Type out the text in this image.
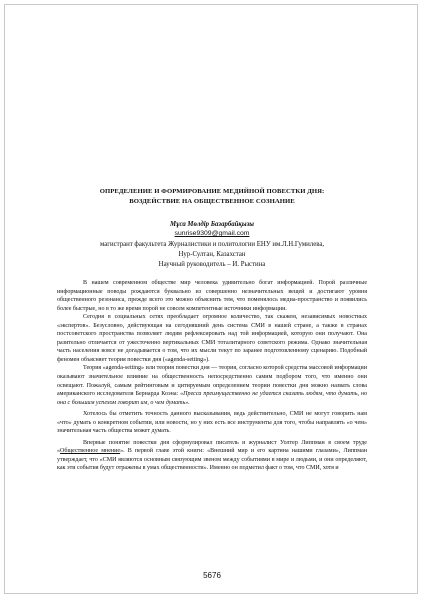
ОПРЕДЕЛЕНИЕ И ФОРМИРОВАНИЕ МЕДИЙНОЙ ПОВЕСТКИ ДНЯ:
ВОЗДЕЙСТВИЕ НА ОБЩЕСТВЕННОЕ СОЗНАНИЕ
Мұса Мөлдір Базарбайқызы
sunrise9309@gmail.com
магистрант факультета Журналистики и политологии ЕНУ им.Л.Н.Гумилева,
Нур-Султан, Казахстан
Научный руководитель – И. Рыстина

В нашем современном обществе мир человека удивительно богат информацией. Порой различные информационные поводы рождаются буквально из совершенно незначительных вещей и достигают уровня общественного резонанса, прежде всего это можно объяснить тем, что поменялось медиа-пространство и появились более быстрые, но в то же время порой не совсем компетентные источники информации.

Сегодня в социальных сетях преобладает огромное количество, так скажем, независимых новостных «экспертов». Безусловно, действующая на сегодняшний день система СМИ в нашей стране, а также в странах постсоветского пространства позволяет людям рефлексировать над той информацией, которую они получают. Она разительно отличается от ужесточенно вертикальных СМИ тоталитарного советского режима. Однако значительная часть населения вовсе не догадывается о том, что их мысли текут по заранее подготовленному сценарию. Подобный феномен объясняет теория повестки дня («agenda-setting»).

Теория «agenda-setting» или теория повестки дня — теория, согласно которой средства массовой информации оказывают значительное влияние на общественность непосредственно самим подбором того, что именно они освещают. Пожалуй, самым рейтинговым и цитируемым определением теории повестки дня можно назвать слова американского исследователя Бернарда Коэна: «Пресса преимущественно не удается сказать людям, что думать, но она с большим успехом говорит им, о чем думать».

Хотелось бы отметить точность данного высказывания, ведь действительно, СМИ не могут говорить нам «что» думать о конкретном событии, или новости, но у них есть все инструменты для того, чтобы направлять «о чем» значительная часть общества может думать.

Впервые понятие повестки дня сформулировал писатель и журналист Уолтер Липпман в своем труде «Общественное мнение». В первой главе этой книги: «Внешний мир и его картина нашими глазами», Липпман утверждает, что «СМИ являются основным связующим звеном между событиями в мире и людьми, и они определяют, как эти события будут отражены в умах общественности». Именно он подметил факт о том, что СМИ, хотя и

5676
